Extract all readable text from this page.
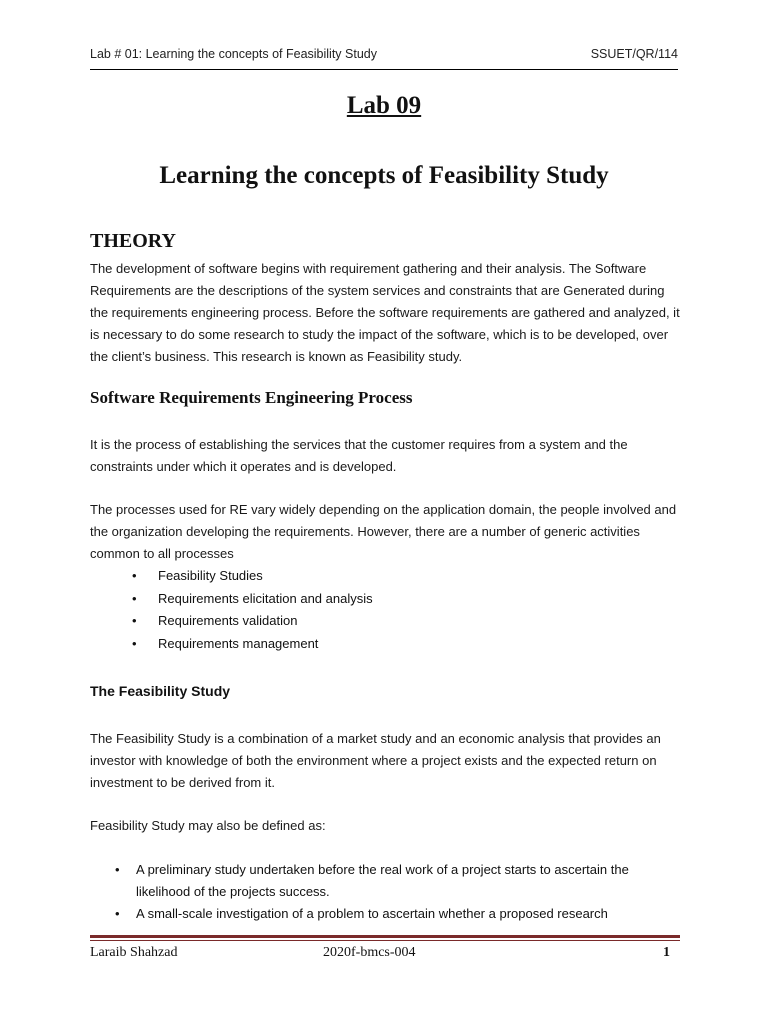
Lab # 01: Learning the concepts of Feasibility Study	SSUET/QR/114
Lab 09
Learning the concepts of Feasibility Study
THEORY
The development of software begins with requirement gathering and their analysis. The Software Requirements are the descriptions of the system services and constraints that are Generated during the requirements engineering process. Before the software requirements are gathered and analyzed, it is necessary to do some research to study the impact of the software, which is to be developed, over the client’s business. This research is known as Feasibility study.
Software Requirements Engineering Process
It is the process of establishing the services that the customer requires from a system and the constraints under which it operates and is developed.
The processes used for RE vary widely depending on the application domain, the people involved and the organization developing the requirements. However, there are a number of generic activities common to all processes
• Feasibility Studies
• Requirements elicitation and analysis
• Requirements validation
• Requirements management
The Feasibility Study
The Feasibility Study is a combination of a market study and an economic analysis that provides an investor with knowledge of both the environment where a project exists and the expected return on investment to be derived from it.
Feasibility Study may also be defined as:
• A preliminary study undertaken before the real work of a project starts to ascertain the likelihood of the projects success.
• A small-scale investigation of a problem to ascertain whether a proposed research
Laraib Shahzad	2020f-bmcs-004	1
